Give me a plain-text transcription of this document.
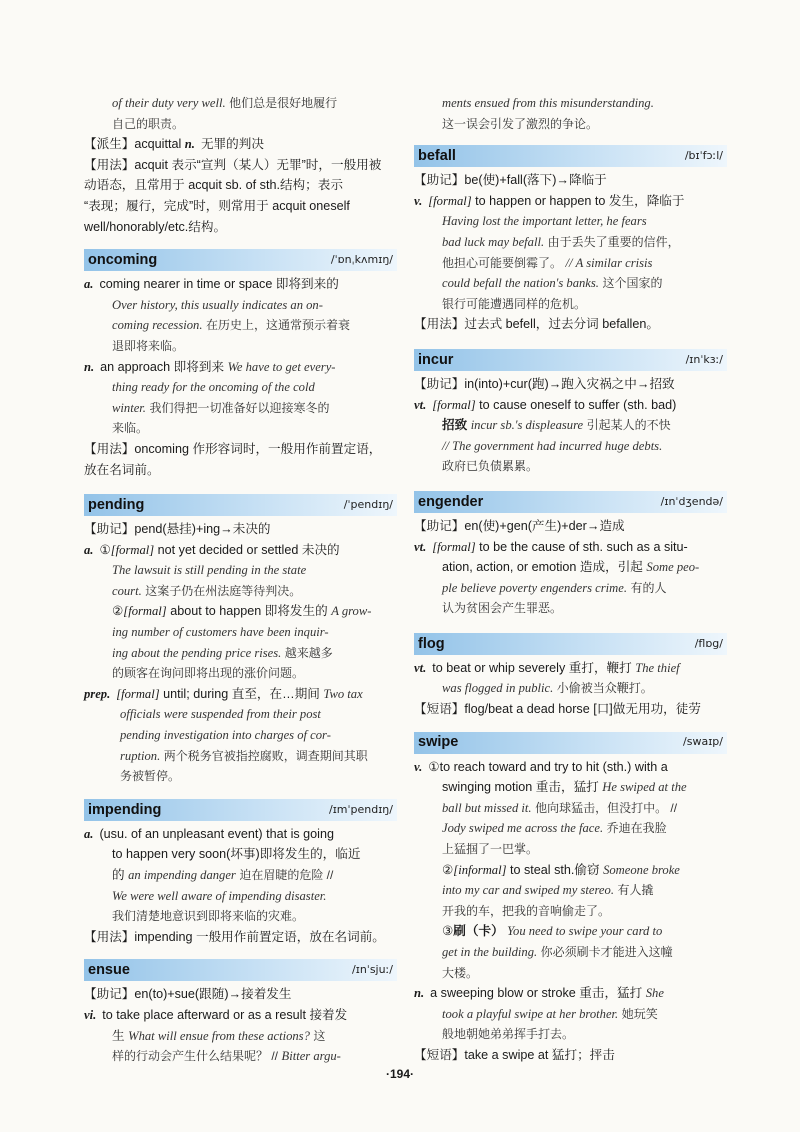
of their duty very well. 他们总是很好地履行
自己的职责。

【派生】acquittal n. 无罪的判决

【用法】acquit 表示“宣判（某人）无罪”时，一般用被
动语态，且常用于 acquit sb. of sth.结构；表示
“表现；履行，完成”时，则常用于 acquit oneself
well/honorably/etc.结构。

oncoming	/ˈɒnˌkʌmɪŋ/

a. coming nearer in time or space 即将到来的
Over history, this usually indicates an on-
coming recession. 在历史上，这通常预示着衰
退即将来临。

n. an approach 即将到来 We have to get every-
thing ready for the oncoming of the cold
winter. 我们得把一切准备好以迎接寒冬的
来临。

【用法】oncoming 作形容词时，一般用作前置定语，
放在名词前。

pending	/ˈpendɪŋ/

【助记】pend(悬挂)+ing→未决的

a. ①[formal] not yet decided or settled 未决的
The lawsuit is still pending in the state
court. 这案子仍在州法庭等待判决。

②[formal] about to happen 即将发生的 A grow-
ing number of customers have been inquir-
ing about the pending price rises. 越来越多
的顾客在询问即将出现的涨价问题。

prep. [formal] until; during 直至，在…期间 Two tax
officials were suspended from their post
pending investigation into charges of cor-
ruption. 两个税务官被指控腐败，调查期间其职
务被暂停。

impending	/ɪmˈpendɪŋ/

a. (usu. of an unpleasant event) that is going
to happen very soon(坏事)即将发生的，临近
的 an impending danger 迫在眉睫的危险 //
We were well aware of impending disaster.
我们清楚地意识到即将来临的灾难。

【用法】impending 一般用作前置定语，放在名词前。

ensue	/ɪnˈsjuː/

【助记】en(to)+sue(跟随)→接着发生

vi. to take place afterward or as a result 接着发
生 What will ensue from these actions? 这
样的行动会产生什么结果呢？ // Bitter argu-

ments ensued from this misunderstanding.
这一误会引发了激烈的争论。

befall	/bɪˈfɔːl/

【助记】be(使)+fall(落下)→降临于

v. [formal] to happen or happen to 发生，降临于
Having lost the important letter, he fears
bad luck may befall. 由于丢失了重要的信件，
他担心可能要倒霉了。 // A similar crisis
could befall the nation's banks. 这个国家的
银行可能遭遇同样的危机。

【用法】过去式 befell，过去分词 befallen。

incur	/ɪnˈkɜː/

【助记】in(into)+cur(跑)→跑入灾祸之中→招致

vt. [formal] to cause oneself to suffer (sth. bad)
招致 incur sb.'s displeasure 引起某人的不快
// The government had incurred huge debts.
政府已负债累累。

engender	/ɪnˈdʒendə/

【助记】en(使)+gen(产生)+der→造成

vt. [formal] to be the cause of sth. such as a situ-
ation, action, or emotion 造成，引起 Some peo-
ple believe poverty engenders crime. 有的人
认为贫困会产生罪恶。

flog	/flɒg/

vt. to beat or whip severely 重打，鞭打 The thief
was flogged in public. 小偷被当众鞭打。

【短语】flog/beat a dead horse [口]做无用功，徒劳

swipe	/swaɪp/

v. ①to reach toward and try to hit (sth.) with a
swinging motion 重击，猛打 He swiped at the
ball but missed it. 他向球猛击，但没打中。 //
Jody swiped me across the face. 乔迪在我脸
上猛掴了一巴掌。

②[informal] to steal sth.偷窃 Someone broke
into my car and swiped my stereo. 有人撬
开我的车，把我的音响偷走了。

③刷（卡） You need to swipe your card to
get in the building. 你必须刷卡才能进入这幢
大楼。

n. a sweeping blow or stroke 重击，猛打 She
took a playful swipe at her brother. 她玩笑
般地朝她弟弟挥手打去。

【短语】take a swipe at 猛打；抨击

·194·
